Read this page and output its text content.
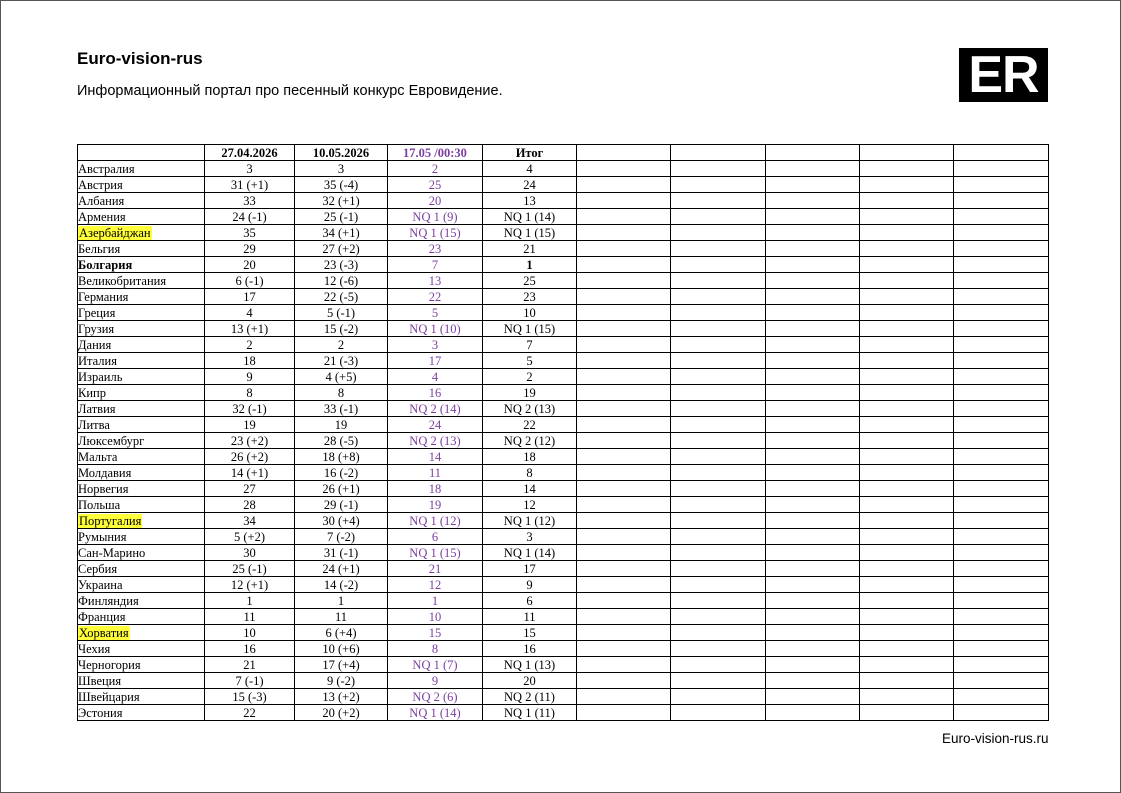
Euro-vision-rus
Информационный портал про песенный конкурс Евровидение.	ER
	27.04.2026	10.05.2026	17.05 /00:30	Итог					
Австралия	3	3	2	4					
Австрия	31 (+1)	35 (-4)	25	24					
Албания	33	32 (+1)	20	13					
Армения	24 (-1)	25 (-1)	NQ 1 (9)	NQ 1 (14)					
Азербайджан	35	34 (+1)	NQ 1 (15)	NQ 1 (15)					
Бельгия	29	27 (+2)	23	21					
Болгария	20	23 (-3)	7	1					
Великобритания	6 (-1)	12 (-6)	13	25					
Германия	17	22 (-5)	22	23					
Греция	4	5 (-1)	5	10					
Грузия	13 (+1)	15 (-2)	NQ 1 (10)	NQ 1 (15)					
Дания	2	2	3	7					
Италия	18	21 (-3)	17	5					
Израиль	9	4 (+5)	4	2					
Кипр	8	8	16	19					
Латвия	32 (-1)	33 (-1)	NQ 2 (14)	NQ 2 (13)					
Литва	19	19	24	22					
Люксембург	23 (+2)	28 (-5)	NQ 2 (13)	NQ 2 (12)					
Мальта	26 (+2)	18 (+8)	14	18					
Молдавия	14 (+1)	16 (-2)	11	8					
Норвегия	27	26 (+1)	18	14					
Польша	28	29 (-1)	19	12					
Португалия	34	30 (+4)	NQ 1 (12)	NQ 1 (12)					
Румыния	5 (+2)	7 (-2)	6	3					
Сан-Марино	30	31 (-1)	NQ 1 (15)	NQ 1 (14)					
Сербия	25 (-1)	24 (+1)	21	17					
Украина	12 (+1)	14 (-2)	12	9					
Финляндия	1	1	1	6					
Франция	11	11	10	11					
Хорватия	10	6 (+4)	15	15					
Чехия	16	10 (+6)	8	16					
Черногория	21	17 (+4)	NQ 1 (7)	NQ 1 (13)					
Швеция	7 (-1)	9 (-2)	9	20					
Швейцария	15 (-3)	13 (+2)	NQ 2 (6)	NQ 2 (11)					
Эстония	22	20 (+2)	NQ 1 (14)	NQ 1 (11)					
Euro-vision-rus.ru
